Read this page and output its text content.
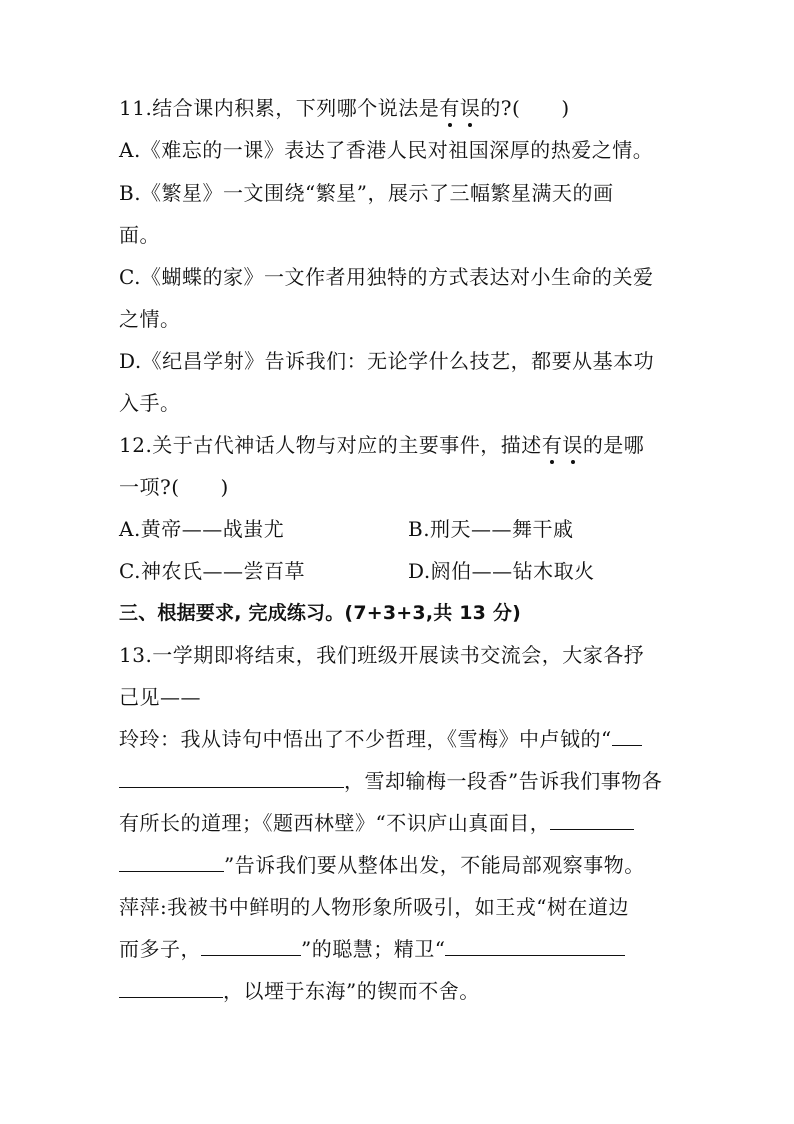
11.结合课内积累，下列哪个说法是有误的?(　　)
A.《难忘的一课》表达了香港人民对祖国深厚的热爱之情。
B.《繁星》一文围绕“繁星”，展示了三幅繁星满天的画
面。
C.《蝴蝶的家》一文作者用独特的方式表达对小生命的关爱
之情。
D.《纪昌学射》告诉我们：无论学什么技艺，都要从基本功
入手。
12.关于古代神话人物与对应的主要事件，描述有误的是哪
一项?(　　)
A.黄帝——战蚩尤	B.刑天——舞干戚
C.神农氏——尝百草	D.阏伯——钻木取火
三、根据要求, 完成练习。(7+3+3,共 13 分)
13.一学期即将结束，我们班级开展读书交流会，大家各抒
己见——
玲玲：我从诗句中悟出了不少哲理，《雪梅》中卢钺的“
，雪却输梅一段香”告诉我们事物各
有所长的道理；《题西林壁》“不识庐山真面目，
”告诉我们要从整体出发，不能局部观察事物。
萍萍:我被书中鲜明的人物形象所吸引，如王戎“树在道边
而多子，	”的聪慧；精卫“
，以堙于东海”的锲而不舍。
